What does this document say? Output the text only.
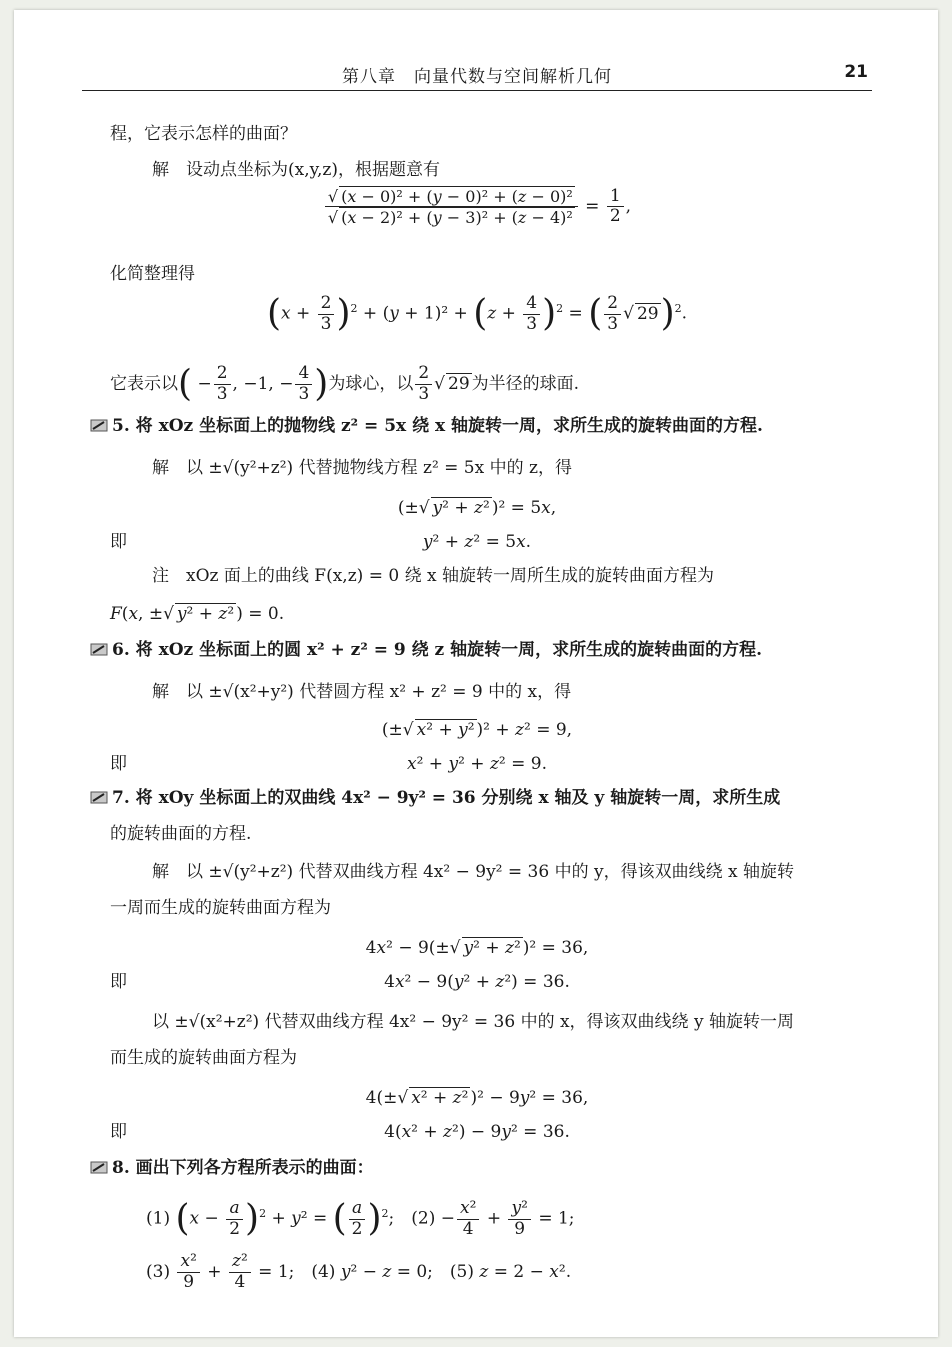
第八章　向量代数与空间解析几何	21
程，它表示怎样的曲面？
解　设动点坐标为(x,y,z)，根据题意有
$\frac{\text{√ (x − 0)² + (y − 0)² + (z − 0)²}}{\text{√ (x − 2)² + (y − 3)² + (z − 4)²}} = \frac{1}{2}$ ,
化简整理得
$(x + \frac{2}{3} )^2 + (y + 1)^2 + (z + \frac{4}{3} )^2$ = ( $\frac{2}{3}$ √ 29)$^2$.
它表示以( − $\frac{2}{3}$ , −1, − $\frac{4}{3}$ )为球心，以 $\frac{2}{3}$ √ 29 为半径的球面.
5. 将 xOz 坐标面上的抛物线 z² = 5x 绕 x 轴旋转一周，求所生成的旋转曲面的方程.
解　以 ±√(y²+z²) 代替抛物线方程 z² = 5x 中的 z，得
(±√ y² + z² )² = 5x,
即	y² + z² = 5x.
注　xOz 面上的曲线 F(x,z) = 0 绕 x 轴旋转一周所生成的旋转曲面方程为
F(x, ±√ y² + z² ) = 0.
6. 将 xOz 坐标面上的圆 x² + z² = 9 绕 z 轴旋转一周，求所生成的旋转曲面的方程.
解　以 ±√(x²+y²) 代替圆方程 x² + z² = 9 中的 x，得
(±√ x² + y² )² + z² = 9,
即	x² + y² + z² = 9.
7. 将 xOy 坐标面上的双曲线 4x² − 9y² = 36 分别绕 x 轴及 y 轴旋转一周，求所生成
的旋转曲面的方程.
解　以 ±√(y²+z²) 代替双曲线方程 4x² − 9y² = 36 中的 y，得该双曲线绕 x 轴旋转
一周而生成的旋转曲面方程为
4x² − 9(±√ y² + z² )² = 36,
即	4x² − 9(y² + z²) = 36.
以 ±√(x²+z²) 代替双曲线方程 4x² − 9y² = 36 中的 x，得该双曲线绕 y 轴旋转一周
而生成的旋转曲面方程为
4(±√ x² + z² )² − 9y² = 36,
即	4(x² + z²) − 9y² = 36.
8. 画出下列各方程所表示的曲面：
(1) $(x - \frac{a}{2} )^2 + y^2$ = ( $\frac{a}{2} )^2$;　$(2) - \frac{\text{x²}}{4} + \frac{\text{y²}}{9} = 1$;
$(3) \frac{\text{x²}}{9} + \frac{\text{z²}}{4} = 1$;　(4) y² − z = 0;　(5) z = 2 − x².
